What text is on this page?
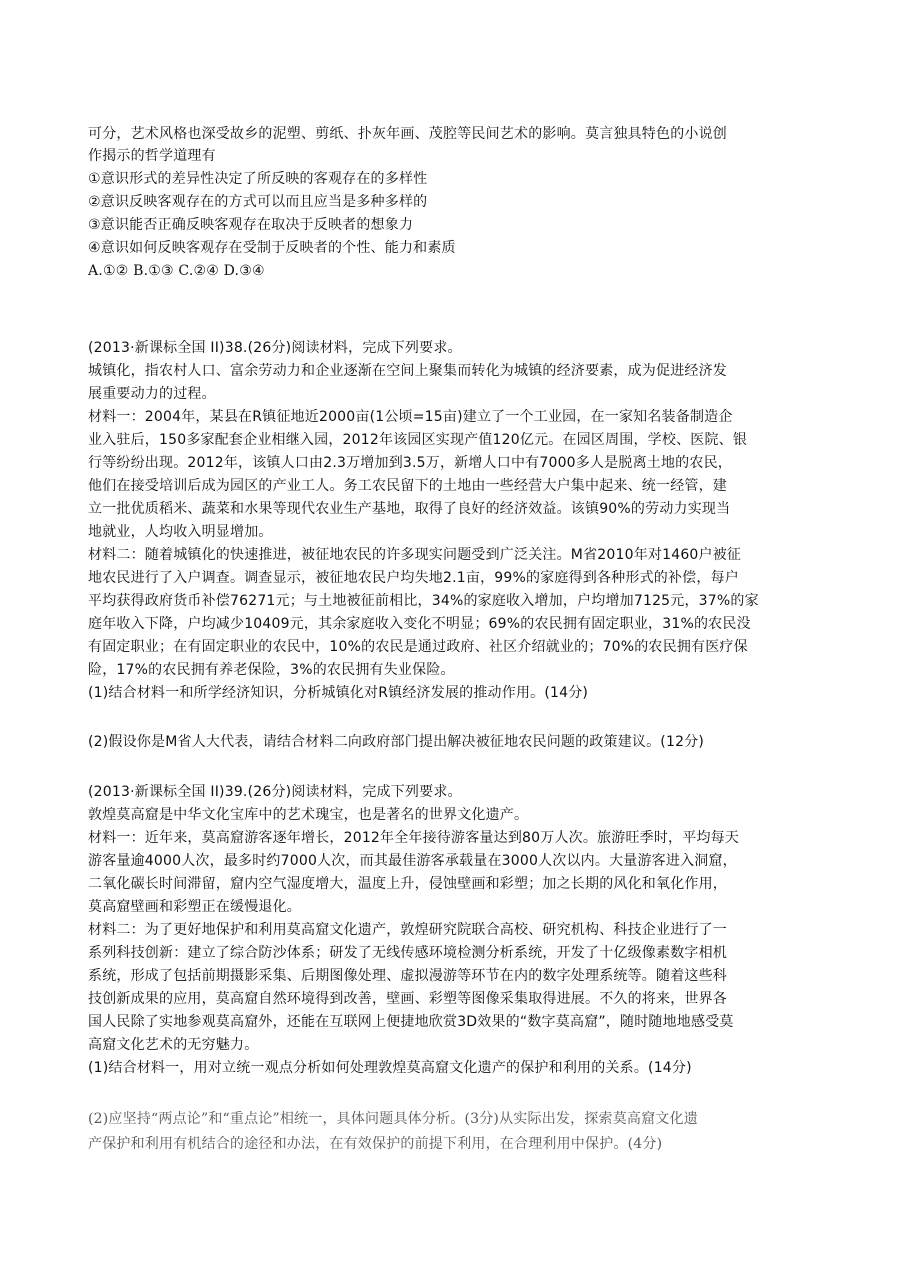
可分，艺术风格也深受故乡的泥塑、剪纸、扑灰年画、茂腔等民间艺术的影响。莫言独具特色的小说创
作揭示的哲学道理有
①意识形式的差异性决定了所反映的客观存在的多样性
②意识反映客观存在的方式可以而且应当是多种多样的
③意识能否正确反映客观存在取决于反映者的想象力
④意识如何反映客观存在受制于反映者的个性、能力和素质
A.①② B.①③ C.②④ D.③④
(2013·新课标全国 II)38.(26分)阅读材料，完成下列要求。
城镇化，指农村人口、富余劳动力和企业逐渐在空间上聚集而转化为城镇的经济要素，成为促进经济发
展重要动力的过程。
材料一：2004年，某县在R镇征地近2000亩(1公顷=15亩)建立了一个工业园，在一家知名装备制造企
业入驻后，150多家配套企业相继入园，2012年该园区实现产值120亿元。在园区周围，学校、医院、银
行等纷纷出现。2012年，该镇人口由2.3万增加到3.5万，新增人口中有7000多人是脱离土地的农民，
他们在接受培训后成为园区的产业工人。务工农民留下的土地由一些经营大户集中起来、统一经管，建
立一批优质稻米、蔬菜和水果等现代农业生产基地，取得了良好的经济效益。该镇90%的劳动力实现当
地就业，人均收入明显增加。
材料二：随着城镇化的快速推进，被征地农民的许多现实问题受到广泛关注。M省2010年对1460户被征
地农民进行了入户调查。调查显示，被征地农民户均失地2.1亩，99%的家庭得到各种形式的补偿，每户
平均获得政府货币补偿76271元；与土地被征前相比，34%的家庭收入增加，户均增加7125元，37%的家
庭年收入下降，户均减少10409元，其余家庭收入变化不明显；69%的农民拥有固定职业，31%的农民没
有固定职业；在有固定职业的农民中，10%的农民是通过政府、社区介绍就业的；70%的农民拥有医疗保
险，17%的农民拥有养老保险，3%的农民拥有失业保险。
(1)结合材料一和所学经济知识，分析城镇化对R镇经济发展的推动作用。(14分)
(2)假设你是M省人大代表，请结合材料二向政府部门提出解决被征地农民问题的政策建议。(12分)
(2013·新课标全国 II)39.(26分)阅读材料，完成下列要求。
敦煌莫高窟是中华文化宝库中的艺术瑰宝，也是著名的世界文化遗产。
材料一：近年来，莫高窟游客逐年增长，2012年全年接待游客量达到80万人次。旅游旺季时，平均每天
游客量逾4000人次，最多时约7000人次，而其最佳游客承载量在3000人次以内。大量游客进入洞窟，
二氧化碳长时间滞留，窟内空气湿度增大，温度上升，侵蚀壁画和彩塑；加之长期的风化和氧化作用，
莫高窟壁画和彩塑正在缓慢退化。
材料二：为了更好地保护和利用莫高窟文化遗产，敦煌研究院联合高校、研究机构、科技企业进行了一
系列科技创新：建立了综合防沙体系；研发了无线传感环境检测分析系统，开发了十亿级像素数字相机
系统，形成了包括前期摄影采集、后期图像处理、虚拟漫游等环节在内的数字处理系统等。随着这些科
技创新成果的应用，莫高窟自然环境得到改善，壁画、彩塑等图像采集取得进展。不久的将来，世界各
国人民除了实地参观莫高窟外，还能在互联网上便捷地欣赏3D效果的“数字莫高窟”，随时随地地感受莫
高窟文化艺术的无穷魅力。
(1)结合材料一，用对立统一观点分析如何处理敦煌莫高窟文化遗产的保护和利用的关系。(14分)
(2)应坚持“两点论”和“重点论”相统一，具体问题具体分析。(3分)从实际出发，探索莫高窟文化遗
产保护和利用有机结合的途径和办法，在有效保护的前提下利用，在合理利用中保护。(4分)
